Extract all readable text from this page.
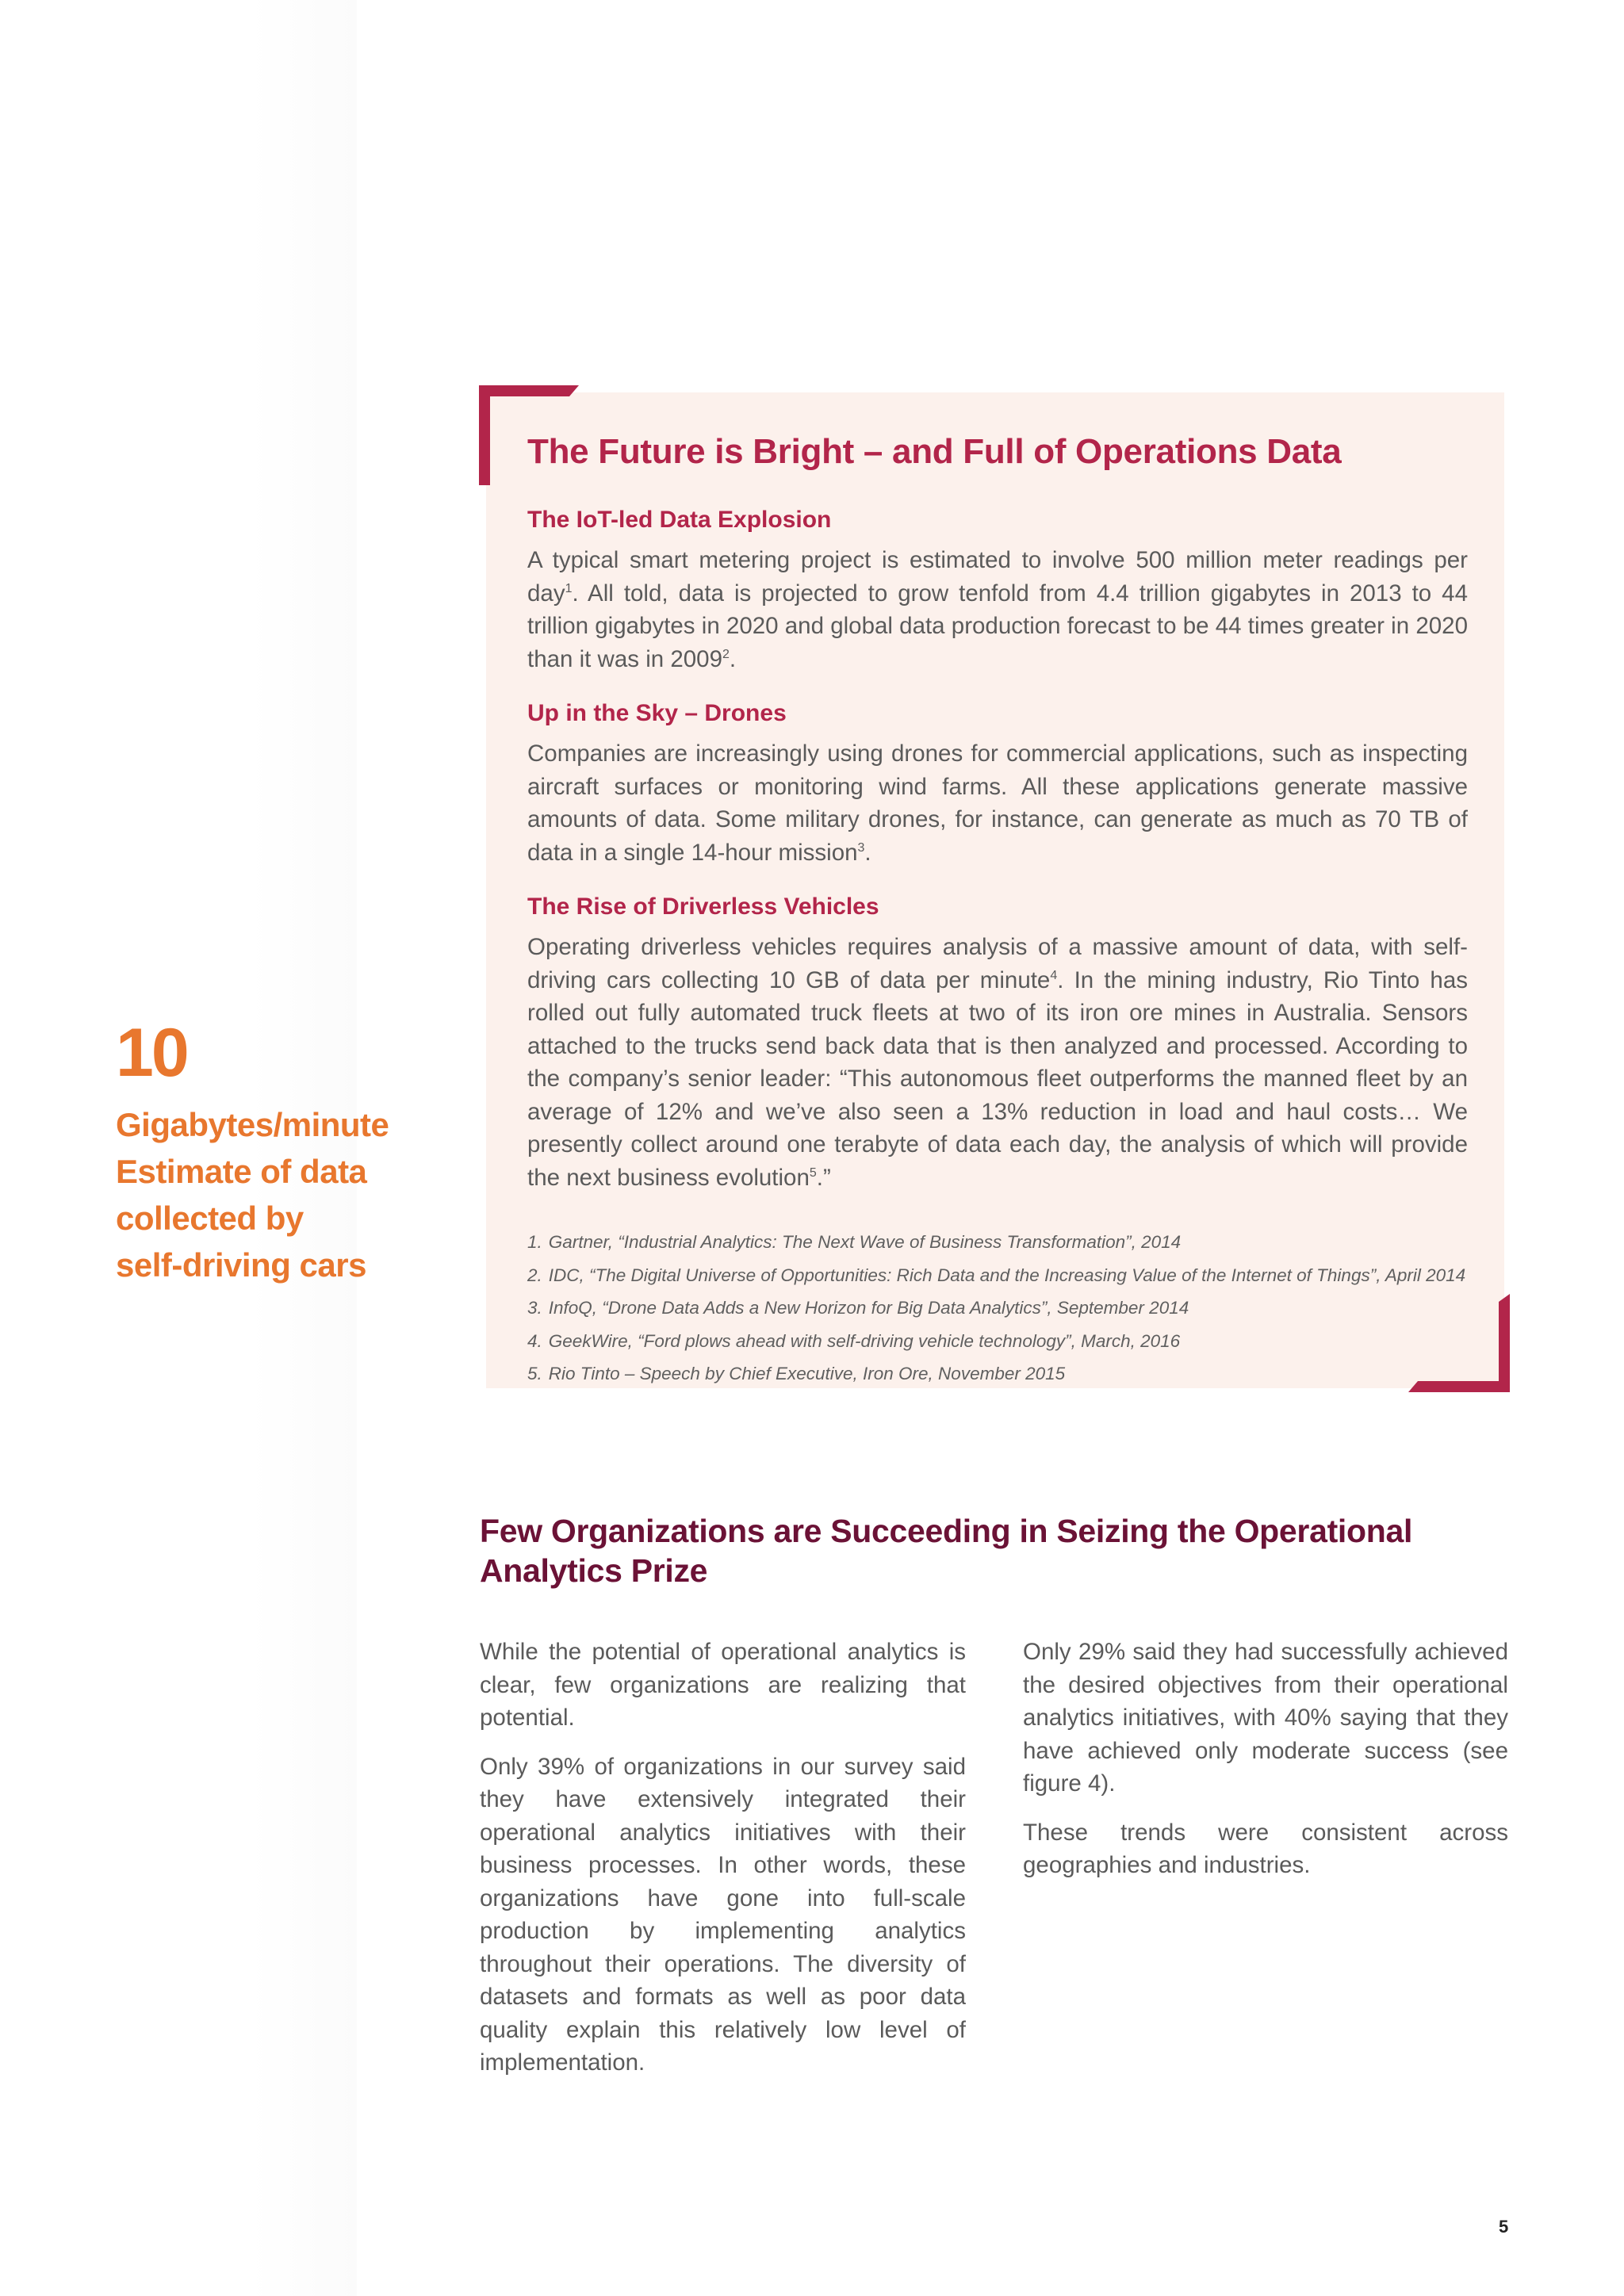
10

Gigabytes/minute

Estimate of data

collected by

self-driving cars

The Future is Bright – and Full of Operations Data
The IoT-led Data Explosion

A typical smart metering project is estimated to involve 500 million meter readings per day$^1$. All told, data is projected to grow tenfold from 4.4 trillion gigabytes in 2013 to 44 trillion gigabytes in 2020 and global data production forecast to be 44 times greater in 2020 than it was in 2009$^2$.

Up in the Sky – Drones

Companies are increasingly using drones for commercial applications, such as inspecting aircraft surfaces or monitoring wind farms. All these applications generate massive amounts of data. Some military drones, for instance, can generate as much as 70 TB of data in a single 14-hour mission$^3$.

The Rise of Driverless Vehicles

Operating driverless vehicles requires analysis of a massive amount of data, with self-driving cars collecting 10 GB of data per minute$^4$. In the mining industry, Rio Tinto has rolled out fully automated truck fleets at two of its iron ore mines in Australia. Sensors attached to the trucks send back data that is then analyzed and processed. According to the company’s senior leader: “This autonomous fleet outperforms the manned fleet by an average of 12% and we’ve also seen a 13% reduction in load and haul costs… We presently collect around one terabyte of data each day, the analysis of which will provide the next business evolution$^5$.”

1. Gartner, “Industrial Analytics: The Next Wave of Business Transformation”, 2014

2. IDC, “The Digital Universe of Opportunities: Rich Data and the Increasing Value of the Internet of Things”, April 2014

3. InfoQ, “Drone Data Adds a New Horizon for Big Data Analytics”, September 2014

4. GeekWire, “Ford plows ahead with self-driving vehicle technology”, March, 2016

5. Rio Tinto – Speech by Chief Executive, Iron Ore, November 2015

Few Organizations are Succeeding in Seizing the Operational Analytics Prize

While the potential of operational analytics is clear, few organizations are realizing that potential.

Only 39% of organizations in our survey said they have extensively integrated their operational analytics initiatives with their business processes. In other words, these organizations have gone into full-scale production by implementing analytics throughout their operations. The diversity of datasets and formats as well as poor data quality explain this relatively low level of implementation.

Only 29% said they had successfully achieved the desired objectives from their operational analytics initiatives, with 40% saying that they have achieved only moderate success (see figure 4).

These trends were consistent across geographies and industries.

5
